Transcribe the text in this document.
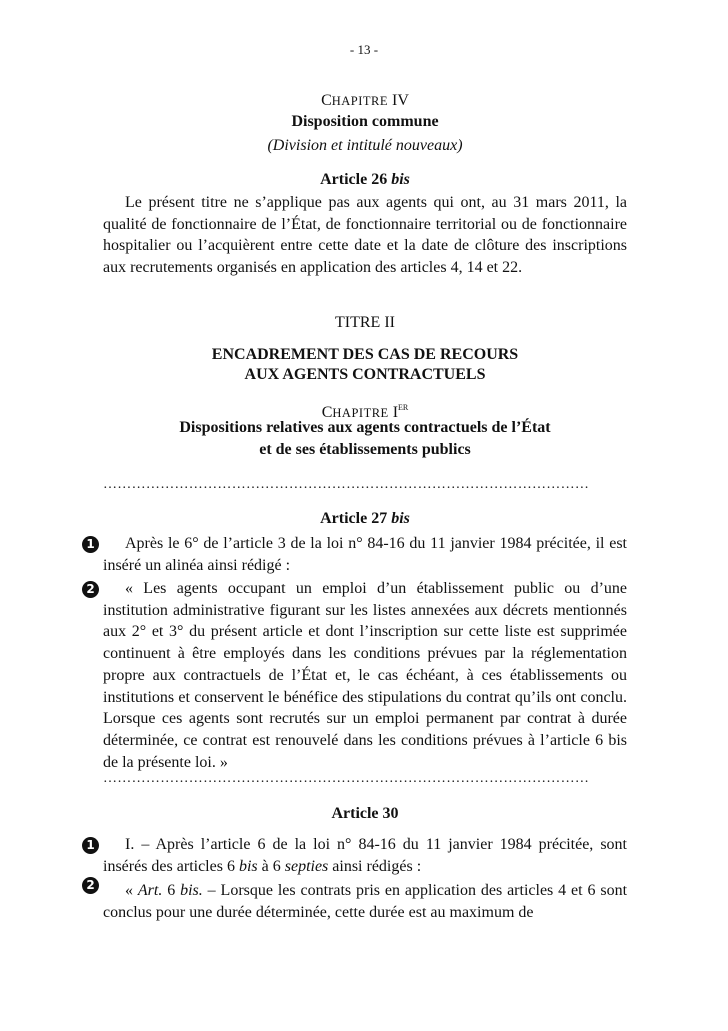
- 13 -
CHAPITRE IV
Disposition commune
(Division et intitulé nouveaux)
Article 26 bis

Le présent titre ne s’applique pas aux agents qui ont, au 31 mars 2011, la qualité de fonctionnaire de l’État, de fonctionnaire territorial ou de fonctionnaire hospitalier ou l’acquièrent entre cette date et la date de clôture des inscriptions aux recrutements organisés en application des articles 4, 14 et 22.

TITRE II
ENCADREMENT DES CAS DE RECOURS
AUX AGENTS CONTRACTUELS
CHAPITRE IER
Dispositions relatives aux agents contractuels de l’État
et de ses établissements publics
…………………………………………………………………………………………
Article 27 bis
1	Après le 6° de l’article 3 de la loi n° 84-16 du 11 janvier 1984 précitée, il est inséré un alinéa ainsi rédigé :

2	« Les agents occupant un emploi d’un établissement public ou d’une institution administrative figurant sur les listes annexées aux décrets mentionnés aux 2° et 3° du présent article et dont l’inscription sur cette liste est supprimée continuent à être employés dans les conditions prévues par la réglementation propre aux contractuels de l’État et, le cas échéant, à ces établissements ou institutions et conservent le bénéfice des stipulations du contrat qu’ils ont conclu. Lorsque ces agents sont recrutés sur un emploi permanent par contrat à durée déterminée, ce contrat est renouvelé dans les conditions prévues à l’article 6 bis de la présente loi. »

…………………………………………………………………………………………
Article 30
1	I. – Après l’article 6 de la loi n° 84-16 du 11 janvier 1984 précitée, sont insérés des articles 6 bis à 6 septies ainsi rédigés :

2	« Art. 6 bis. – Lorsque les contrats pris en application des articles 4 et 6 sont conclus pour une durée déterminée, cette durée est au maximum de
